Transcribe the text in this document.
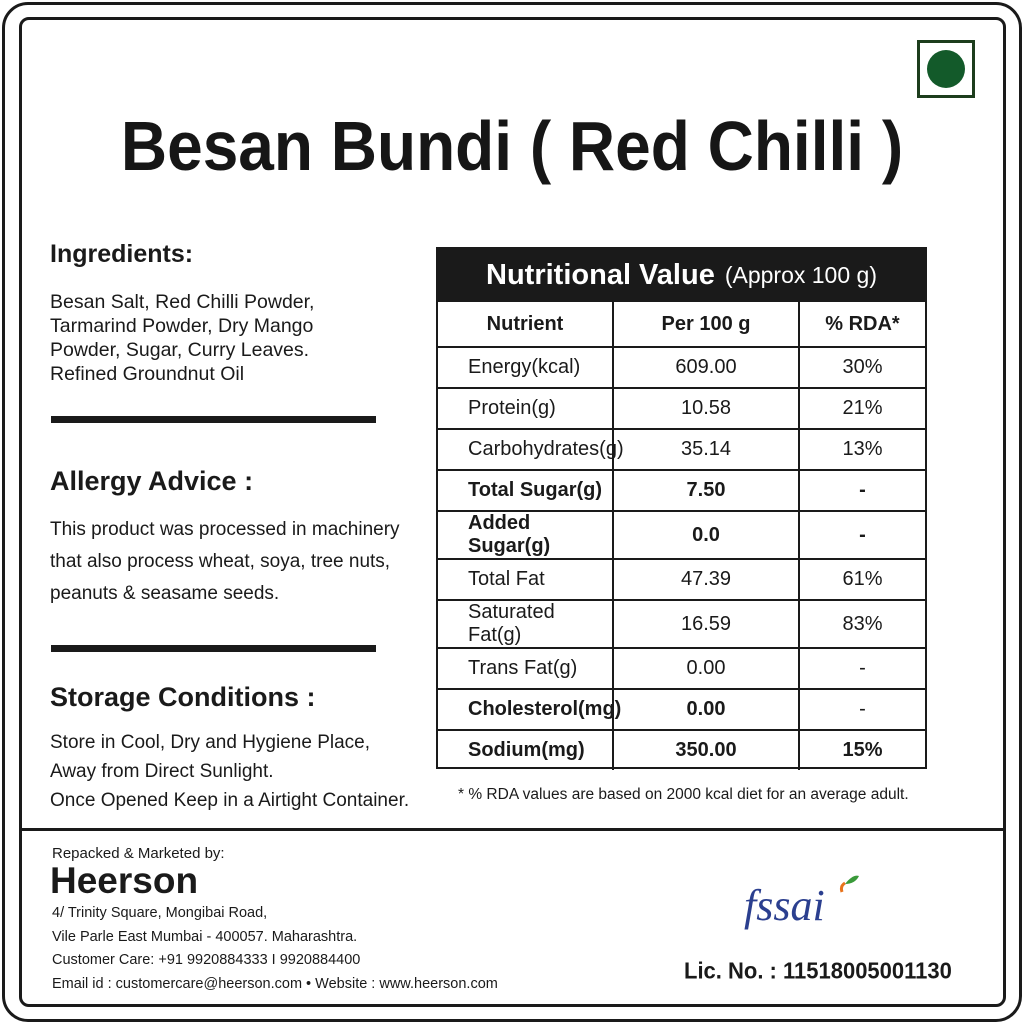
Besan Bundi ( Red Chilli )
Ingredients:
Besan Salt, Red Chilli Powder,
Tarmarind Powder, Dry Mango
Powder, Sugar, Curry Leaves.
Refined Groundnut Oil
Allergy Advice :
This product was processed in machinery
that also process wheat, soya, tree nuts,
peanuts & seasame seeds.
Storage Conditions :
Store in Cool, Dry and Hygiene Place,
Away from Direct Sunlight.
Once Opened Keep in a Airtight Container.
Nutritional Value (Approx 100 g)
Nutrient	Per 100 g	% RDA*
Energy(kcal)	609.00	30%
Protein(g)	10.58	21%
Carbohydrates(g)	35.14	13%
Total Sugar(g)	7.50	-
Added Sugar(g)	0.0	-
Total Fat	47.39	61%
Saturated Fat(g)	16.59	83%
Trans Fat(g)	0.00	-
Cholesterol(mg)	0.00	-
Sodium(mg)	350.00	15%
* % RDA values are based on 2000 kcal diet for an average adult.
Repacked & Marketed by:
Heerson
4/ Trinity Square, Mongibai Road,
Vile Parle East Mumbai - 400057. Maharashtra.
Customer Care: +91 9920884333 I 9920884400
Email id : customercare@heerson.com • Website : www.heerson.com
fssai
Lic. No. : 11518005001130
